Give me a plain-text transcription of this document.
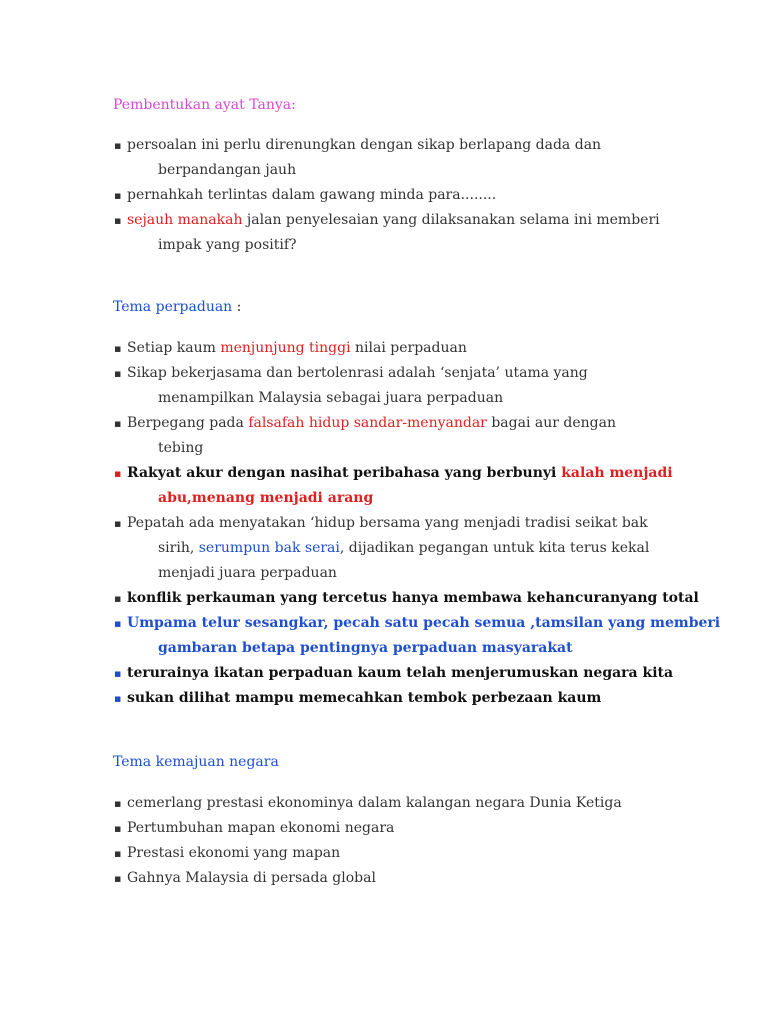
Pembentukan ayat Tanya:
▪ persoalan ini perlu direnungkan dengan sikap berlapang dada dan
berpandangan jauh
▪ pernahkah terlintas dalam gawang minda para........
▪ sejauh manakah jalan penyelesaian yang dilaksanakan selama ini memberi
impak yang positif?
Tema perpaduan :
▪ Setiap kaum menjunjung tinggi nilai perpaduan
▪ Sikap bekerjasama dan bertolenrasi adalah ‘senjata’ utama yang
menampilkan Malaysia sebagai juara perpaduan
▪ Berpegang pada falsafah hidup sandar-menyandar bagai aur dengan
tebing
▪ Rakyat akur dengan nasihat peribahasa yang berbunyi kalah menjadi
abu,menang menjadi arang
▪ Pepatah ada menyatakan ‘hidup bersama yang menjadi tradisi seikat bak
sirih, serumpun bak serai, dijadikan pegangan untuk kita terus kekal
menjadi juara perpaduan
▪ konflik perkauman yang tercetus hanya membawa kehancuranyang total
▪ Umpama telur sesangkar, pecah satu pecah semua ,tamsilan yang memberi
gambaran betapa pentingnya perpaduan masyarakat
▪ terurainya ikatan perpaduan kaum telah menjerumuskan negara kita
▪ sukan dilihat mampu memecahkan tembok perbezaan kaum
Tema kemajuan negara
▪ cemerlang prestasi ekonominya dalam kalangan negara Dunia Ketiga
▪ Pertumbuhan mapan ekonomi negara
▪ Prestasi ekonomi yang mapan
▪ Gahnya Malaysia di persada global
